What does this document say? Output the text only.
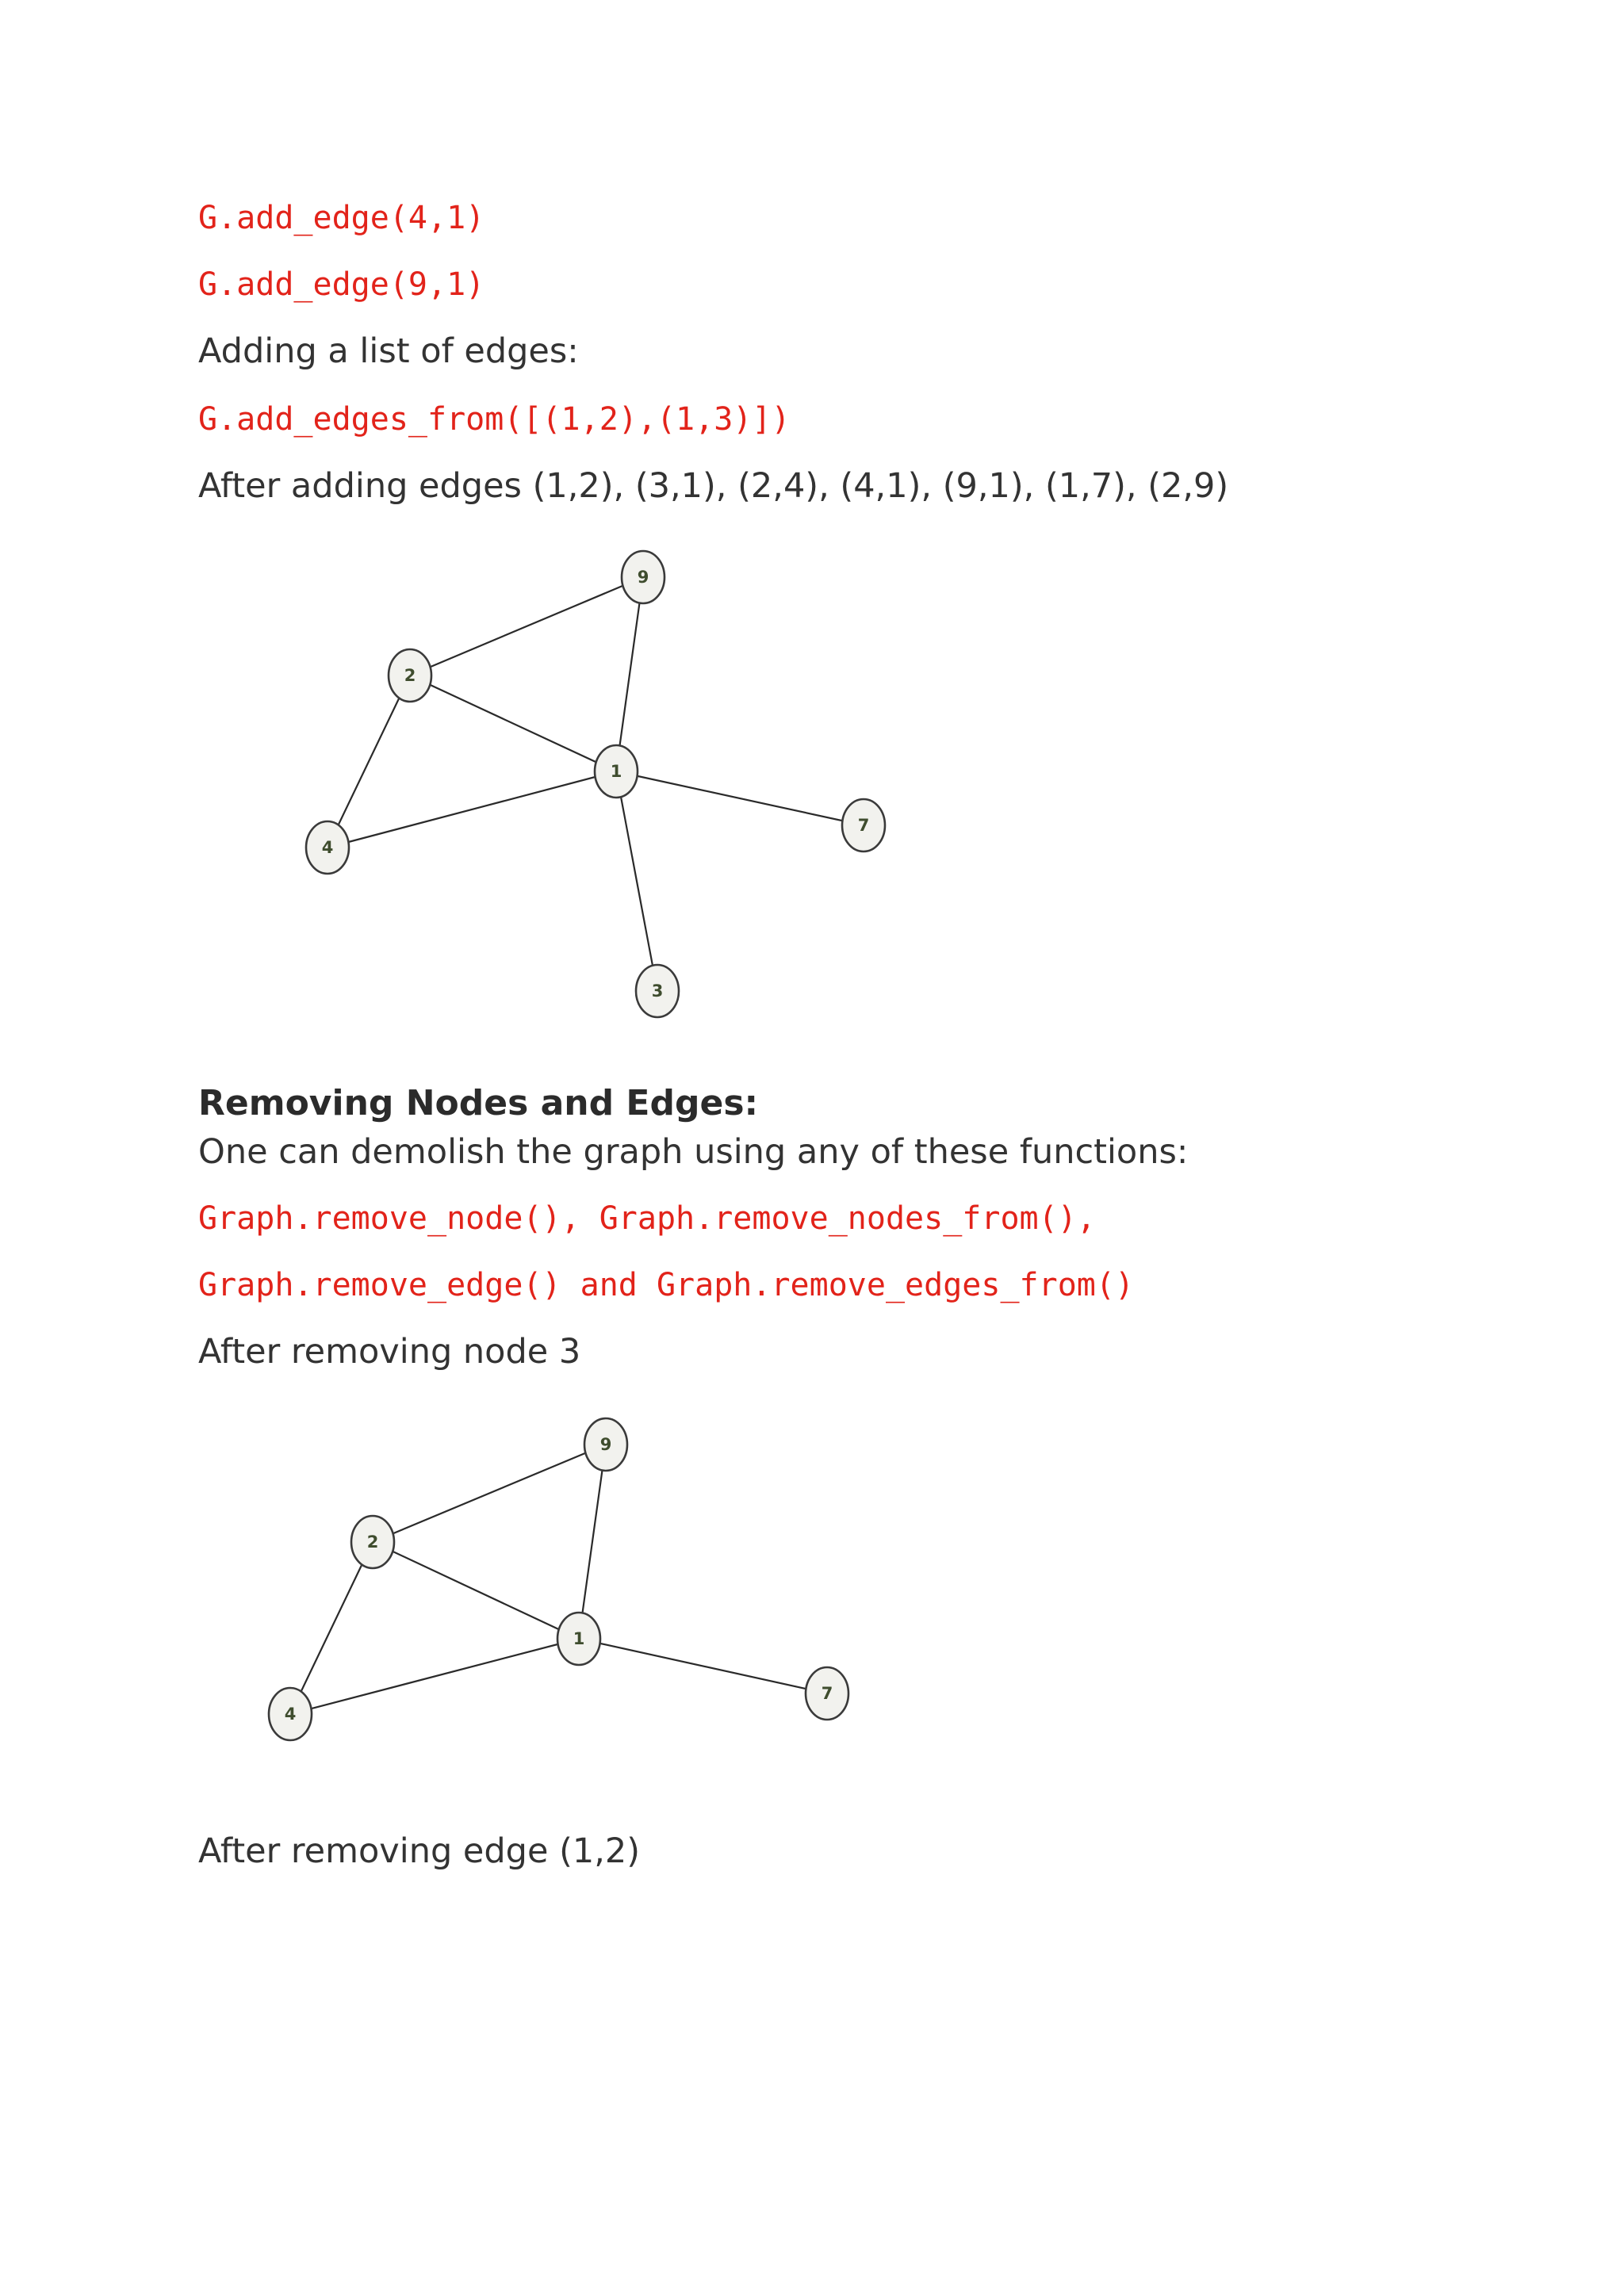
G.add_edge(4,1)
G.add_edge(9,1)
Adding a list of edges:
G.add_edges_from([(1,2),(1,3)])
After adding edges (1,2), (3,1), (2,4), (4,1), (9,1), (1,7), (2,9)
9
2
1
7
4
3
Removing Nodes and Edges:
One can demolish the graph using any of these functions:
Graph.remove_node(), Graph.remove_nodes_from(),
Graph.remove_edge() and Graph.remove_edges_from()
After removing node 3
9
2
1
7
4
After removing edge (1,2)
